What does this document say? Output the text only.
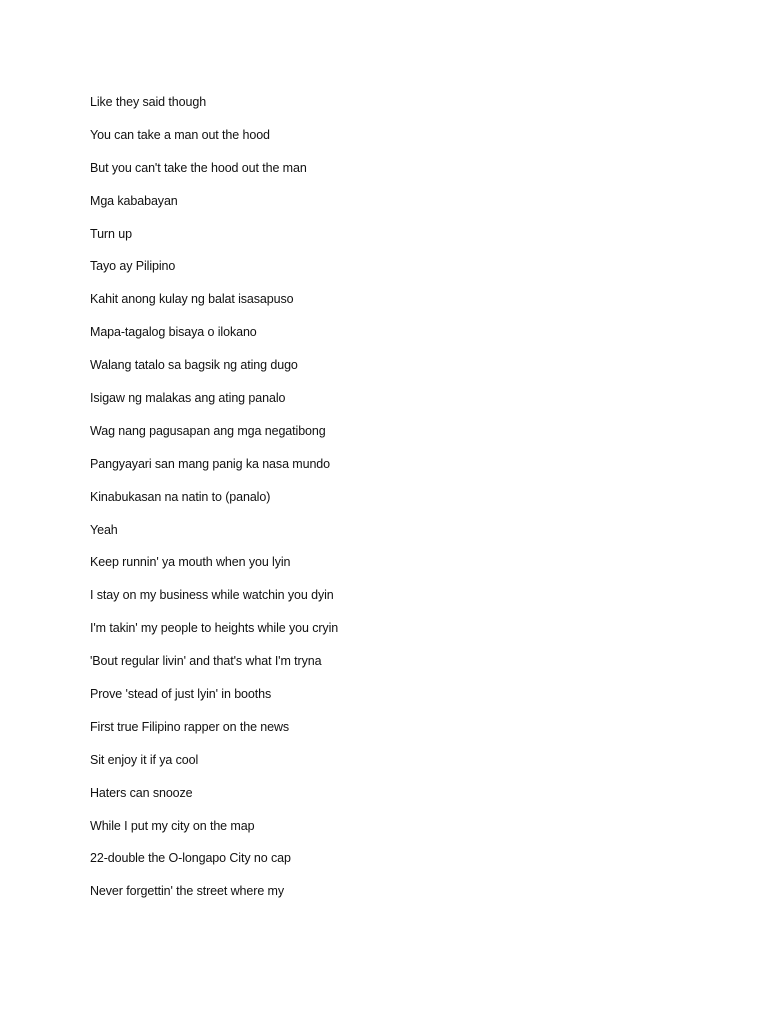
Like they said though
You can take a man out the hood
But you can't take the hood out the man
Mga kababayan
Turn up
Tayo ay Pilipino
Kahit anong kulay ng balat isasapuso
Mapa-tagalog bisaya o ilokano
Walang tatalo sa bagsik ng ating dugo
Isigaw ng malakas ang ating panalo
Wag nang pagusapan ang mga negatibong
Pangyayari san mang panig ka nasa mundo
Kinabukasan na natin to (panalo)
Yeah
Keep runnin' ya mouth when you lyin
I stay on my business while watchin you dyin
I'm takin' my people to heights while you cryin
'Bout regular livin' and that's what I'm tryna
Prove 'stead of just lyin' in booths
First true Filipino rapper on the news
Sit enjoy it if ya cool
Haters can snooze
While I put my city on the map
22-double the O-longapo City no cap
Never forgettin' the street where my
